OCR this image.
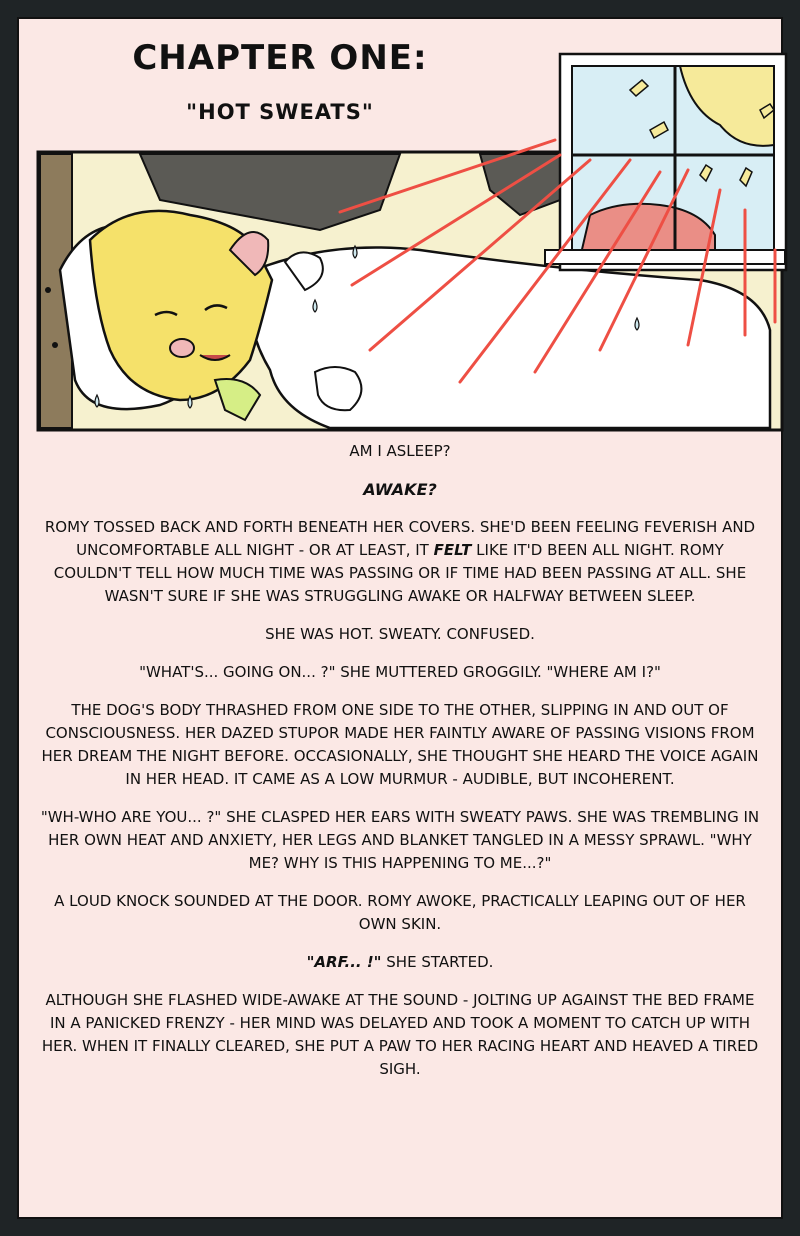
CHAPTER ONE:
"HOT SWEATS"

AM I ASLEEP?

AWAKE?

ROMY TOSSED BACK AND FORTH BENEATH HER COVERS. SHE'D BEEN FEELING FEVERISH AND UNCOMFORTABLE ALL NIGHT - OR AT LEAST, IT FELT LIKE IT'D BEEN ALL NIGHT. ROMY COULDN'T TELL HOW MUCH TIME WAS PASSING OR IF TIME HAD BEEN PASSING AT ALL. SHE WASN'T SURE IF SHE WAS STRUGGLING AWAKE OR HALFWAY BETWEEN SLEEP.

SHE WAS HOT. SWEATY. CONFUSED.

"WHAT'S... GOING ON... ?" SHE MUTTERED GROGGILY. "WHERE AM I?"

THE DOG'S BODY THRASHED FROM ONE SIDE TO THE OTHER, SLIPPING IN AND OUT OF CONSCIOUSNESS. HER DAZED STUPOR MADE HER FAINTLY AWARE OF PASSING VISIONS FROM HER DREAM THE NIGHT BEFORE. OCCASIONALLY, SHE THOUGHT SHE HEARD THE VOICE AGAIN IN HER HEAD. IT CAME AS A LOW MURMUR - AUDIBLE, BUT INCOHERENT.

"WH-WHO ARE YOU... ?" SHE CLASPED HER EARS WITH SWEATY PAWS. SHE WAS TREMBLING IN HER OWN HEAT AND ANXIETY, HER LEGS AND BLANKET TANGLED IN A MESSY SPRAWL. "WHY ME? WHY IS THIS HAPPENING TO ME...?"

A LOUD KNOCK SOUNDED AT THE DOOR. ROMY AWOKE, PRACTICALLY LEAPING OUT OF HER OWN SKIN.

"ARF... !" SHE STARTED.

ALTHOUGH SHE FLASHED WIDE-AWAKE AT THE SOUND - JOLTING UP AGAINST THE BED FRAME IN A PANICKED FRENZY - HER MIND WAS DELAYED AND TOOK A MOMENT TO CATCH UP WITH HER. WHEN IT FINALLY CLEARED, SHE PUT A PAW TO HER RACING HEART AND HEAVED A TIRED SIGH.
